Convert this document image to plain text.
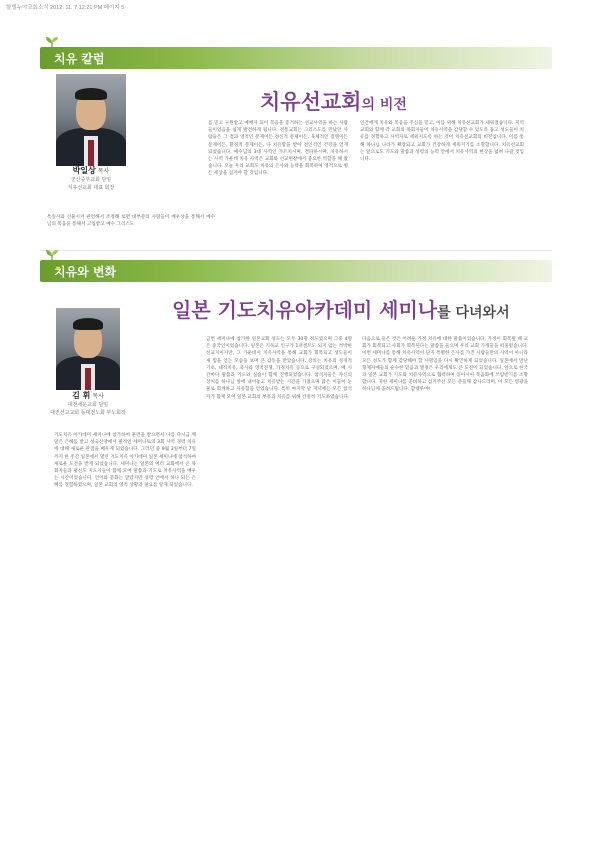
할렐누야교회소식 2012. 11. 7 12:21 PM 페이지 5
치유 칼럼
박일상 목사
군산중부교회 담임
치유선교회 대표 회장
치유선교회의 비전
를 믿고 구원받고 예배자 되어 복음을 증거하는 선교사역을 하는 사람들이었음을 쉽게 발견하게 됩니다. 전통교회는 그리스도를 만났던 사람들은 그 결과 영적인 문제이든 정신적 문제이든, 육체적인 질병이든 문제이든, 환경적 문제이든, 다 치유함을 받아 전인격인 건강을 얻게 되었습니다. 예수님의 3대 사역인 가르치시며, 전파하시며, 치유하시는 사역 가운데 치유 사역은 교회와 선교현장에서 중요한 역할을 해 왔습니다. 오늘 우리 교회도 치유의 은사와 능력을 회복하여 영적으로 병든 세상을 섬겨야 할 것입니다.
인간에게 치유와 복음을 주심을 믿고, 이를 위해 치유선교회가 세워졌습니다. 지역교회와 함께 각 교회의 목회자들이 치유사역을 감당할 수 있도록 돕고 성도들이 치유를 경험하고 사역자로 세워지도록 하는 것이 치유선교회의 비전입니다. 이를 통해 하나님 나라가 확장되고 교회가 건강하게 세워지기를 소망합니다. 치유선교회는 앞으로도 기도와 말씀과 성령의 능력 안에서 치유사역의 현장을 넓혀 나갈 것입니다.
특송사와 선물시켜 관련해서 조정해 보면 대부분의 사람들이 배우상을 통해서 예수님의 복음을 통해서 고침받고 예수 그리스도
치유와 변화
일본 기도치유아카데미 세미나를 다녀와서
김 휘 목사
대전세운교회 담임
대전선교교회 동대전노회 부노회장
기도치유 아카데미 세미나에 참가하여 훈련을 받으면서 나를 다시금 깨달은 은혜를 받고 성숙신앙에서 필적인 세미나로의 3회 사역 경력 치유에 대해 새로운 관점을 배우게 되었습니다. 그러던 중 9월 3일부터 7일까지 한 주간 일본에서 열린 기도치유 아카데미 일본 세미나에 참석하여 새로운 도전을 받게 되었습니다. 세미나는 일본의 여러 교회에서 온 목회자들과 평신도 지도자들이 함께 모여 말씀과 기도로 치유사역을 배우는 시간이었습니다. 언어와 문화는 달랐지만 성령 안에서 하나 되는 은혜를 경험하였으며, 일본 교회의 영적 상황과 필요를 알게 되었습니다.
금번 세미나에 참가한 일본교회 성도는 모두 30명 정도였으며 그중 4명은 중국인이었습니다. 일본은 기독교 인구가 1퍼센트도 되지 않는 척박한 선교지이지만, 그 가운데서 치유사역을 통해 교회가 회복되고 성도들이 새 힘을 얻는 모습을 보며 큰 감동을 받았습니다. 강의는 치유의 성경적 기초, 내적치유, 축사와 영적전쟁, 가정치유 등으로 구성되었으며, 매 시간마다 말씀과 기도와 실습이 함께 진행되었습니다. 참석자들은 자신의 상처를 하나님 앞에 내어놓고 치유받는 시간을 가졌으며 많은 이들이 눈물로 회개하고 자유함을 얻었습니다. 특히 마지막 날 저녁에는 모든 참석자가 함께 모여 일본 교회의 부흥과 치유를 위해 간절히 기도하였습니다.
다음으로 들은 것은 어려운 가정 치유에 대한 말씀이었습니다. 가정이 회복될 때 교회가 회복되고 사회가 회복된다는 말씀을 들으며 우리 교회 가정들을 떠올렸습니다. 이번 세미나를 통해 치유사역이 단지 특별한 은사를 가진 사람들만의 사역이 아니라 모든 성도가 함께 감당해야 할 사명임을 다시 확인하게 되었습니다. 일본에서 만난 형제자매들의 순수한 믿음과 열정은 우리에게도 큰 도전이 되었습니다. 앞으로 한국과 일본 교회가 기도와 치유사역으로 협력하여 동아시아 복음화에 쓰임받기를 소망합니다. 귀한 세미나를 준비하고 섬겨주신 모든 분들께 감사드리며, 이 모든 영광을 하나님께 올려드립니다. 할렐루야!
